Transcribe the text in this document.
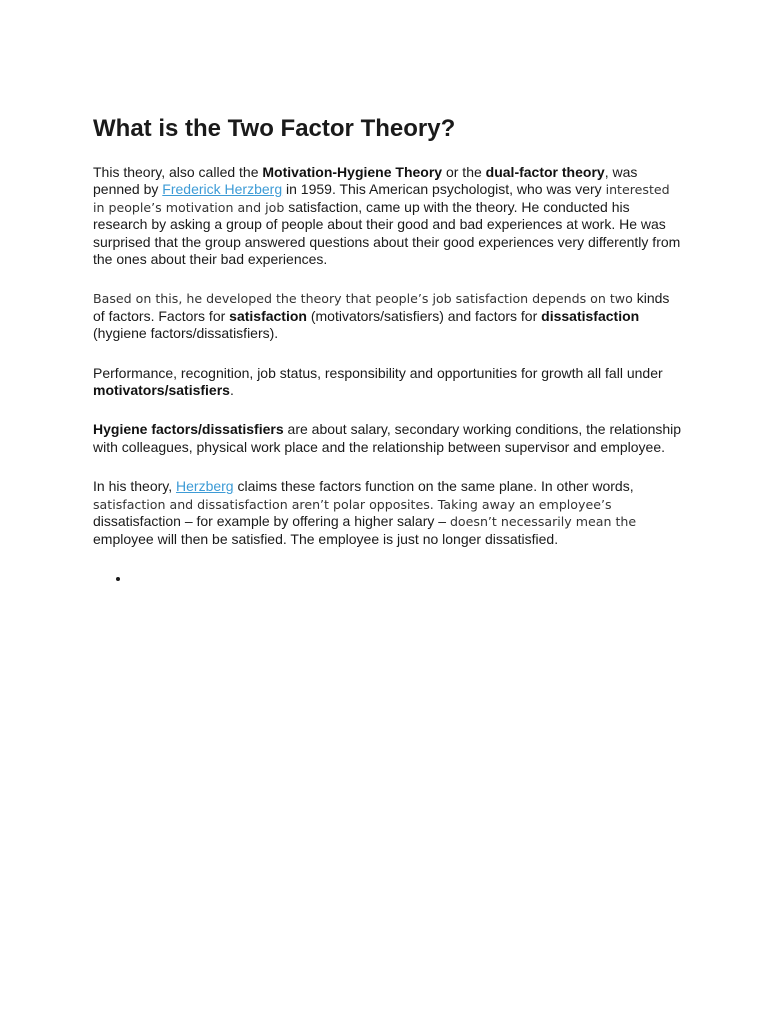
What is the Two Factor Theory?

This theory, also called the Motivation-Hygiene Theory or the dual-factor theory, was penned by Frederick Herzberg in 1959. This American psychologist, who was very interested in people’s motivation and job satisfaction, came up with the theory. He conducted his research by asking a group of people about their good and bad experiences at work. He was surprised that the group answered questions about their good experiences very differently from the ones about their bad experiences.

Based on this, he developed the theory that people’s job satisfaction depends on two kinds of factors. Factors for satisfaction (motivators/satisfiers) and factors for dissatisfaction (hygiene factors/dissatisfiers).

Performance, recognition, job status, responsibility and opportunities for growth all fall under motivators/satisfiers.

Hygiene factors/dissatisfiers are about salary, secondary working conditions, the relationship with colleagues, physical work place and the relationship between supervisor and employee.

In his theory, Herzberg claims these factors function on the same plane. In other words, satisfaction and dissatisfaction aren’t polar opposites. Taking away an employee’s dissatisfaction – for example by offering a higher salary – doesn’t necessarily mean the employee will then be satisfied. The employee is just no longer dissatisfied.

•
